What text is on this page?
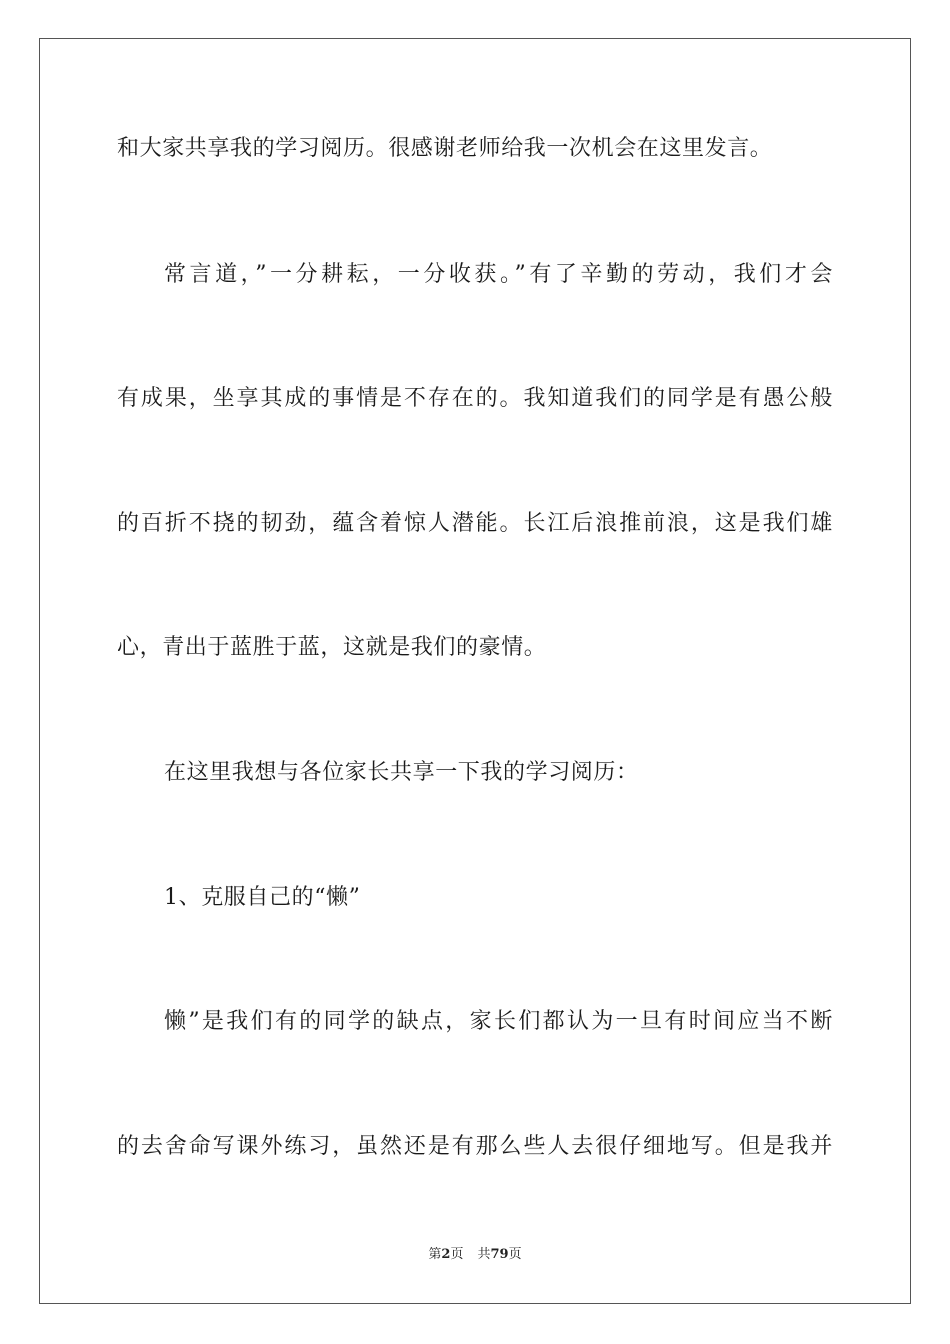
和大家共享我的学习阅历。很感谢老师给我一次机会在这里发言。
常言道，”一分耕耘，一分收获。”有了辛勤的劳动，我们才会
有成果，坐享其成的事情是不存在的。我知道我们的同学是有愚公般
的百折不挠的韧劲，蕴含着惊人潜能。长江后浪推前浪，这是我们雄
心，青出于蓝胜于蓝，这就是我们的豪情。
在这里我想与各位家长共享一下我的学习阅历：
1、克服自己的“懒”
懒”是我们有的同学的缺点，家长们都认为一旦有时间应当不断
的去舍命写课外练习，虽然还是有那么些人去很仔细地写。但是我并
第2页 共79页
